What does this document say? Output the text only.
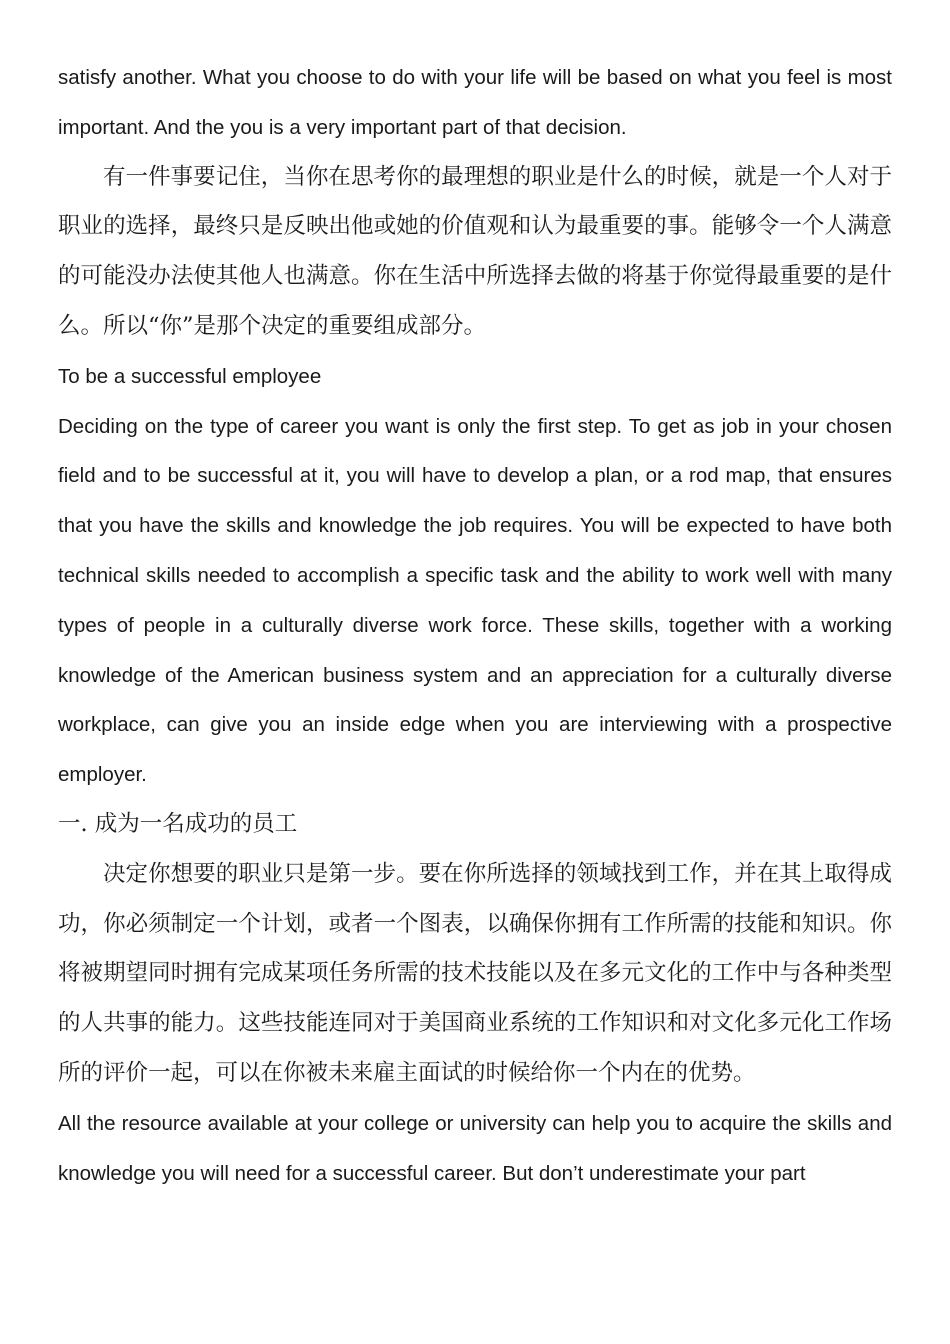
satisfy another. What you choose to do with your life will be based on what you feel is most important. And the you is a very important part of that decision.

有一件事要记住，当你在思考你的最理想的职业是什么的时候，就是一个人对于职业的选择，最终只是反映出他或她的价值观和认为最重要的事。能够令一个人满意的可能没办法使其他人也满意。你在生活中所选择去做的将基于你觉得最重要的是什么。所以“你”是那个决定的重要组成部分。

To be a successful employee

Deciding on the type of career you want is only the first step. To get as job in your chosen field and to be successful at it, you will have to develop a plan, or a rod map, that ensures that you have the skills and knowledge the job requires. You will be expected to have both technical skills needed to accomplish a specific task and the ability to work well with many types of people in a culturally diverse work force. These skills, together with a working knowledge of the American business system and an appreciation for a culturally diverse workplace, can give you an inside edge when you are interviewing with a prospective employer.

一. 成为一名成功的员工

决定你想要的职业只是第一步。要在你所选择的领域找到工作，并在其上取得成功，你必须制定一个计划，或者一个图表，以确保你拥有工作所需的技能和知识。你将被期望同时拥有完成某项任务所需的技术技能以及在多元文化的工作中与各种类型的人共事的能力。这些技能连同对于美国商业系统的工作知识和对文化多元化工作场所的评价一起，可以在你被未来雇主面试的时候给你一个内在的优势。

All the resource available at your college or university can help you to acquire the skills and knowledge you will need for a successful career. But don’t underestimate your part
